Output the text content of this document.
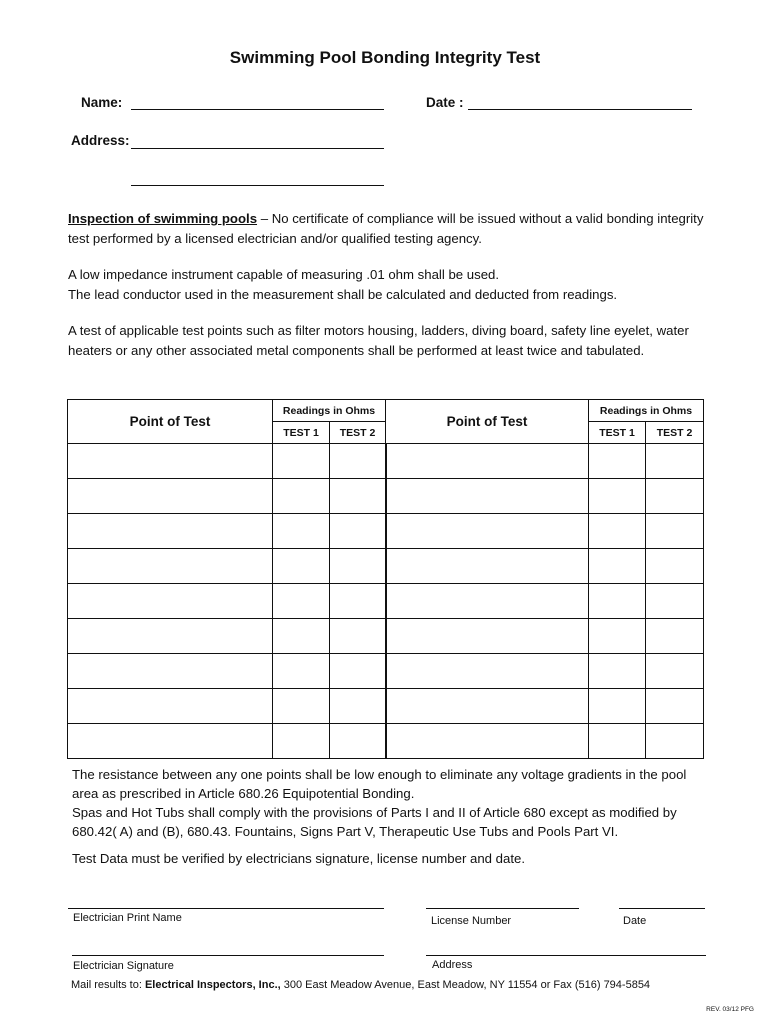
Swimming Pool Bonding Integrity Test
Name:	Date :
Address:

Inspection of swimming pools – No certificate of compliance will be issued without a valid bonding integrity test performed by a licensed electrician and/or qualified testing agency.

A low impedance instrument capable of measuring .01 ohm shall be used.

The lead conductor used in the measurement shall be calculated and deducted from readings.

A test of applicable test points such as filter motors housing, ladders, diving board, safety line eyelet, water heaters or any other associated metal components shall be performed at least twice and tabulated.

Point of Test	Readings in Ohms		Point of Test	Readings in Ohms	
	TEST 1	TEST 2		TEST 1	TEST 2

The resistance between any one points shall be low enough to eliminate any voltage gradients in the pool area as prescribed in Article 680.26 Equipotential Bonding.

Spas and Hot Tubs shall comply with the provisions of Parts I and II of Article 680 except as modified by 680.42( A) and (B), 680.43. Fountains, Signs Part V, Therapeutic Use Tubs and Pools Part VI.

Test Data must be verified by electricians signature, license number and date.

Electrician Print Name	License Number	Date
Electrician Signature	Address
Mail results to: Electrical Inspectors, Inc., 300 East Meadow Avenue, East Meadow, NY 11554 or Fax (516) 794-5854
REV. 03/12 PFG
